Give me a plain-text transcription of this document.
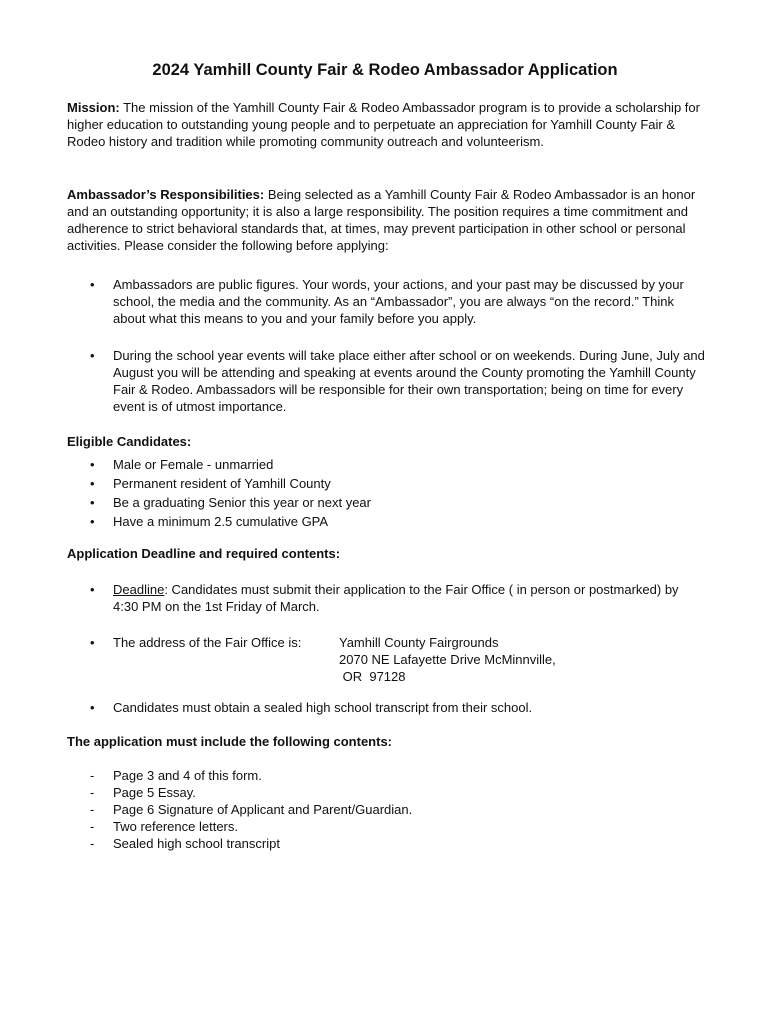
2024 Yamhill County Fair & Rodeo Ambassador Application
Mission: The mission of the Yamhill County Fair & Rodeo Ambassador program is to provide a scholarship for higher education to outstanding young people and to perpetuate an appreciation for Yamhill County Fair & Rodeo history and tradition while promoting community outreach and volunteerism.
Ambassador’s Responsibilities: Being selected as a Yamhill County Fair & Rodeo Ambassador is an honor and an outstanding opportunity; it is also a large responsibility. The position requires a time commitment and adherence to strict behavioral standards that, at times, may prevent participation in other school or personal activities. Please consider the following before applying:
• Ambassadors are public figures. Your words, your actions, and your past may be discussed by your school, the media and the community. As an “Ambassador”, you are always “on the record.” Think about what this means to you and your family before you apply.
• During the school year events will take place either after school or on weekends. During June, July and August you will be attending and speaking at events around the County promoting the Yamhill County Fair & Rodeo. Ambassadors will be responsible for their own transportation; being on time for every event is of utmost importance.
Eligible Candidates:
• Male or Female - unmarried
• Permanent resident of Yamhill County
• Be a graduating Senior this year or next year
• Have a minimum 2.5 cumulative GPA
Application Deadline and required contents:
• Deadline: Candidates must submit their application to the Fair Office ( in person or postmarked) by 4:30 PM on the 1st Friday of March.
• The address of the Fair Office is:	Yamhill County Fairgrounds
2070 NE Lafayette Drive McMinnville,
OR  97128
• Candidates must obtain a sealed high school transcript from their school.
The application must include the following contents:
- Page 3 and 4 of this form.
- Page 5 Essay.
- Page 6 Signature of Applicant and Parent/Guardian.
- Two reference letters.
- Sealed high school transcript
